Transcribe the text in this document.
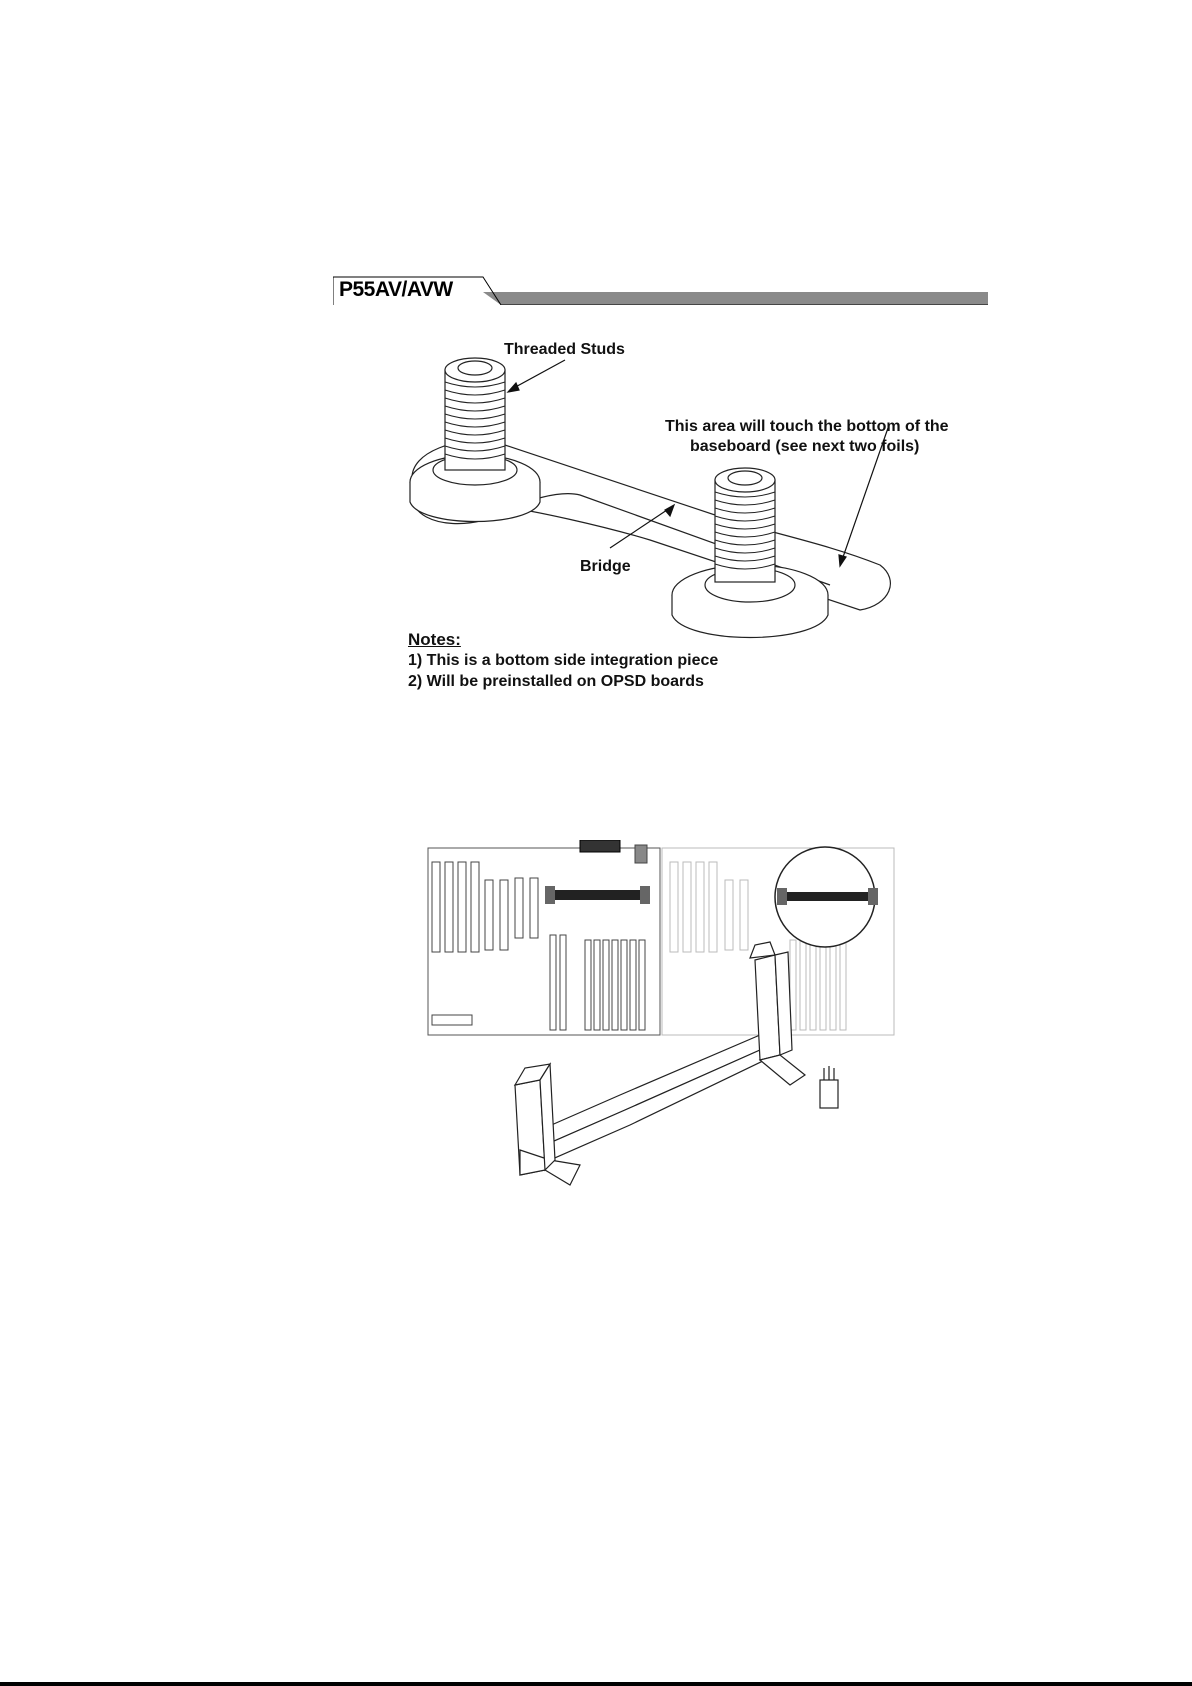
P55AV/AVW
Threaded Studs
This area will touch the bottom of the
baseboard (see next two foils)
Bridge
Notes:
1) This is a bottom side integration piece
2) Will be preinstalled on OPSD boards
